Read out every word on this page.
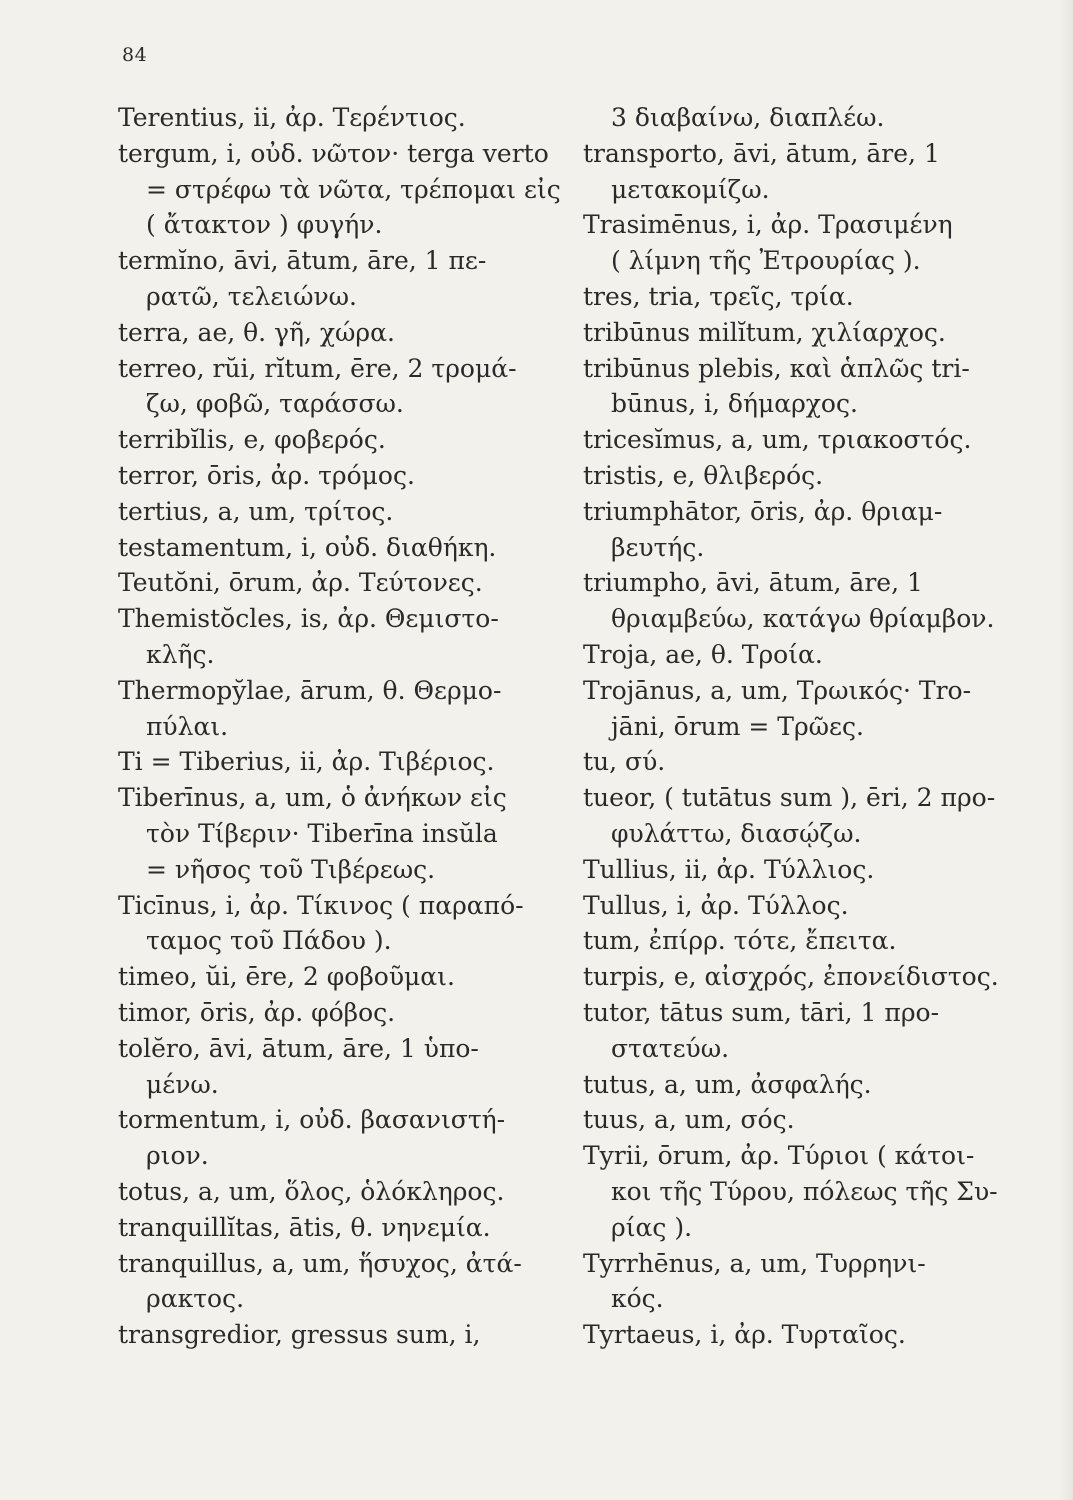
84
Terentius, ii, ἀρ. Τερέντιος.
tergum, i, οὐδ. νῶτον· terga verto
= στρέφω τὰ νῶτα, τρέπομαι εἰς
( ἄτακτον ) φυγήν.
termĭno, āvi, ātum, āre, 1 πε-
ρατῶ, τελειώνω.
terra, ae, θ. γῆ, χώρα.
terreo, rŭi, rĭtum, ēre, 2 τρομά-
ζω, φοβῶ, ταράσσω.
terribĭlis, e, φοβερός.
terror, ōris, ἀρ. τρόμος.
tertius, a, um, τρίτος.
testamentum, i, οὐδ. διαθήκη.
Teutŏni, ōrum, ἀρ. Τεύτονες.
Themistŏcles, is, ἀρ. Θεμιστο-
κλῆς.
Thermopy̆lae, ārum, θ. Θερμο-
πύλαι.
Ti = Tiberius, ii, ἀρ. Τιβέριος.
Tiberīnus, a, um, ὁ ἀνήκων εἰς
τὸν Τίβεριν· Tiberīna insŭla
= νῆσος τοῦ Τιβέρεως.
Ticīnus, i, ἀρ. Τίκινος ( παραπό-
ταμος τοῦ Πάδου ).
timeo, ŭi, ēre, 2 φοβοῦμαι.
timor, ōris, ἀρ. φόβος.
tolĕro, āvi, ātum, āre, 1 ὑπο-
μένω.
tormentum, i, οὐδ. βασανιστή-
ριον.
totus, a, um, ὅλος, ὁλόκληρος.
tranquillĭtas, ātis, θ. νηνεμία.
tranquillus, a, um, ἥσυχος, ἀτά-
ρακτος.
transgredior, gressus sum, i,
3 διαβαίνω, διαπλέω.
transporto, āvi, ātum, āre, 1
μετακομίζω.
Trasimēnus, i, ἀρ. Τρασιμένη
( λίμνη τῆς Ἐτρουρίας ).
tres, tria, τρεῖς, τρία.
tribūnus milĭtum, χιλίαρχος.
tribūnus plebis, καὶ ἁπλῶς tri-
būnus, i, δήμαρχος.
tricesĭmus, a, um, τριακοστός.
tristis, e, θλιβερός.
triumphātor, ōris, ἀρ. θριαμ-
βευτής.
triumpho, āvi, ātum, āre, 1
θριαμβεύω, κατάγω θρίαμβον.
Troja, ae, θ. Τροία.
Trojānus, a, um, Τρωικός· Tro-
jāni, ōrum = Τρῶες.
tu, σύ.
tueor, ( tutātus sum ), ēri, 2 προ-
φυλάττω, διασῴζω.
Tullius, ii, ἀρ. Τύλλιος.
Tullus, i, ἀρ. Τύλλος.
tum, ἐπίρρ. τότε, ἔπειτα.
turpis, e, αἰσχρός, ἐπονείδιστος.
tutor, tātus sum, tāri, 1 προ-
στατεύω.
tutus, a, um, ἀσφαλής.
tuus, a, um, σός.
Tyrii, ōrum, ἀρ. Τύριοι ( κάτοι-
κοι τῆς Τύρου, πόλεως τῆς Συ-
ρίας ).
Tyrrhēnus, a, um, Τυρρηνι-
κός.
Tyrtaeus, i, ἀρ. Τυρταῖος.
